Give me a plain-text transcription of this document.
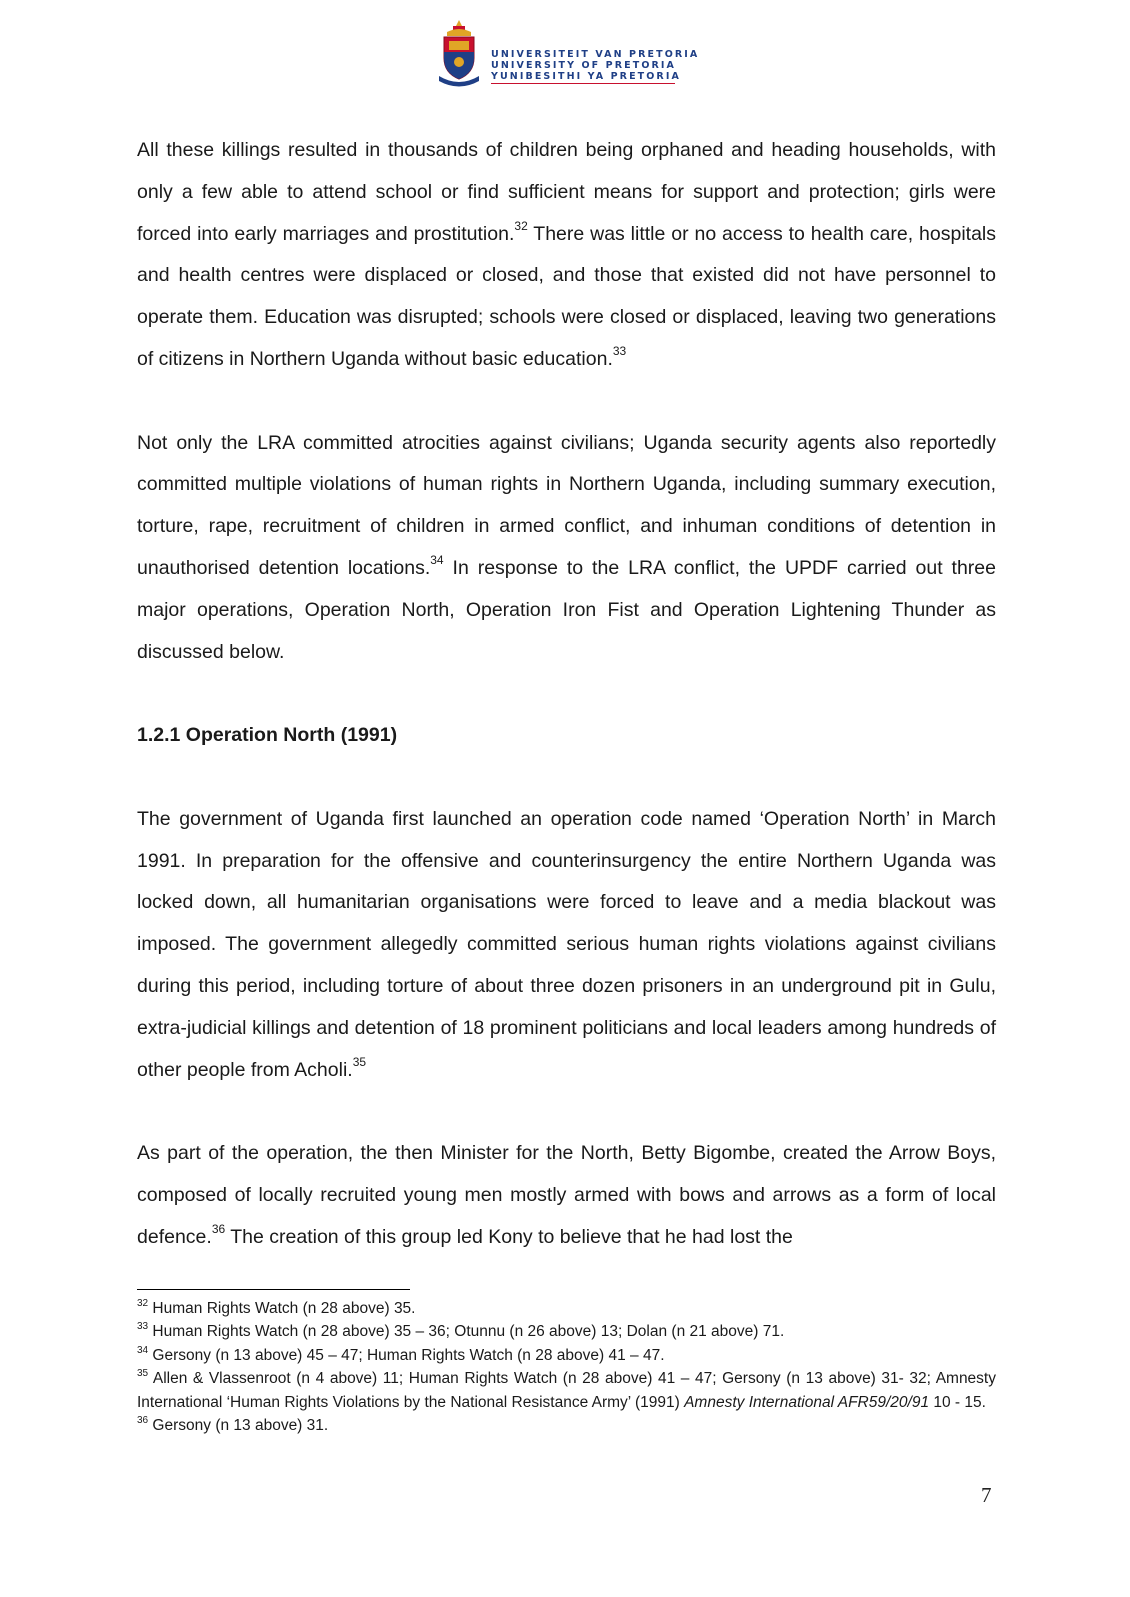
UNIVERSITEIT VAN PRETORIA
UNIVERSITY OF PRETORIA
YUNIBESITHI YA PRETORIA

All these killings resulted in thousands of children being orphaned and heading households, with only a few able to attend school or find sufficient means for support and protection; girls were forced into early marriages and prostitution.$^{32}$ There was little or no access to health care, hospitals and health centres were displaced or closed, and those that existed did not have personnel to operate them. Education was disrupted; schools were closed or displaced, leaving two generations of citizens in Northern Uganda without basic education.$^{33}$

Not only the LRA committed atrocities against civilians; Uganda security agents also reportedly committed multiple violations of human rights in Northern Uganda, including summary execution, torture, rape, recruitment of children in armed conflict, and inhuman conditions of detention in unauthorised detention locations.$^{34}$ In response to the LRA conflict, the UPDF carried out three major operations, Operation North, Operation Iron Fist and Operation Lightening Thunder as discussed below.

1.2.1 Operation North (1991)

The government of Uganda first launched an operation code named ‘Operation North’ in March 1991. In preparation for the offensive and counterinsurgency the entire Northern Uganda was locked down, all humanitarian organisations were forced to leave and a media blackout was imposed. The government allegedly committed serious human rights violations against civilians during this period, including torture of about three dozen prisoners in an underground pit in Gulu, extra-judicial killings and detention of 18 prominent politicians and local leaders among hundreds of other people from Acholi.$^{35}$

As part of the operation, the then Minister for the North, Betty Bigombe, created the Arrow Boys, composed of locally recruited young men mostly armed with bows and arrows as a form of local defence.$^{36}$ The creation of this group led Kony to believe that he had lost the

$^{32}$ Human Rights Watch (n 28 above) 35.

$^{33}$ Human Rights Watch (n 28 above) 35 – 36; Otunnu (n 26 above) 13; Dolan (n 21 above) 71.

$^{34}$ Gersony (n 13 above) 45 – 47; Human Rights Watch (n 28 above) 41 – 47.

$^{35}$ Allen & Vlassenroot (n 4 above) 11; Human Rights Watch (n 28 above) 41 – 47; Gersony (n 13 above) 31- 32; Amnesty International ‘Human Rights Violations by the National Resistance Army’ (1991) Amnesty International AFR59/20/91 10 - 15.

$^{36}$ Gersony (n 13 above) 31.

7
